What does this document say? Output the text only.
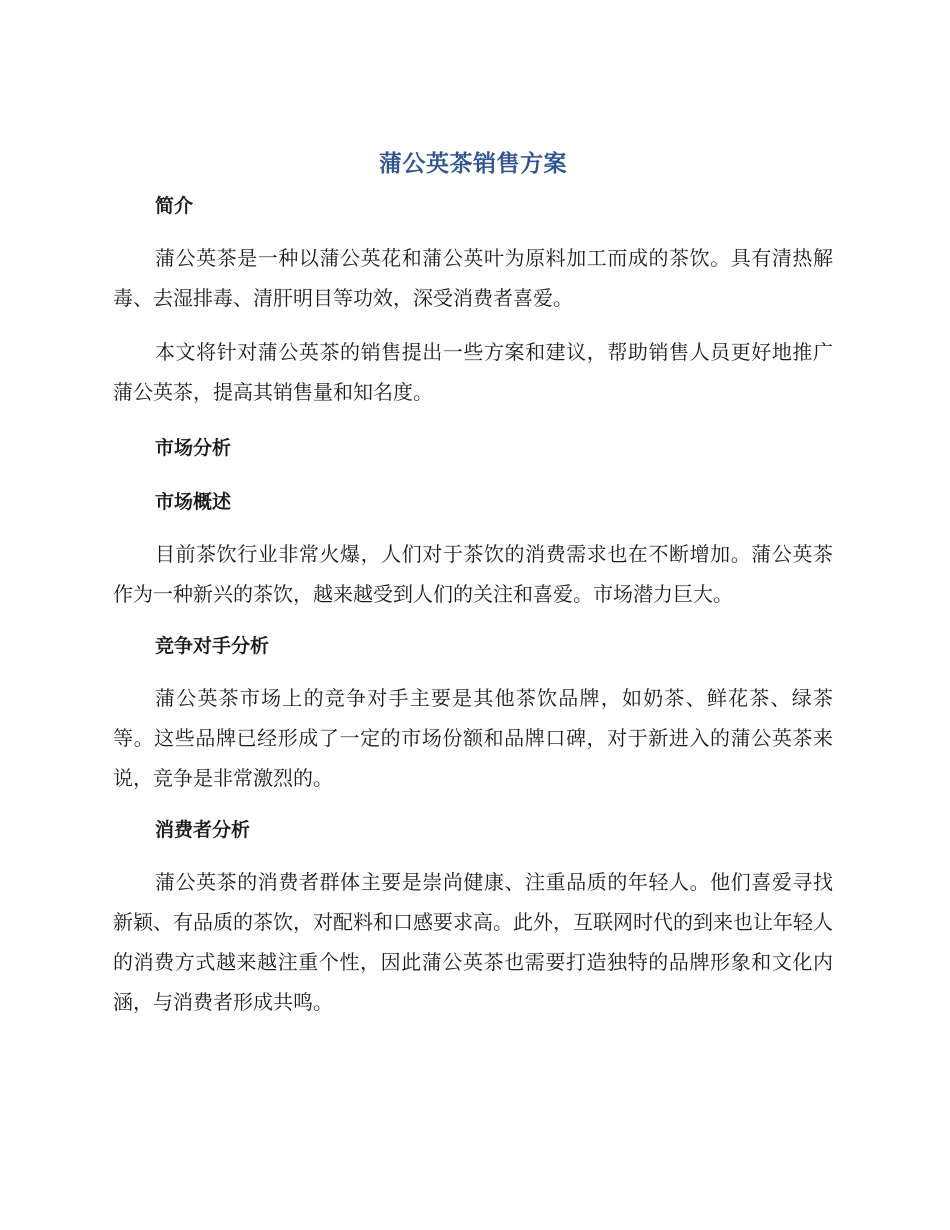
蒲公英茶销售方案
简介

蒲公英茶是一种以蒲公英花和蒲公英叶为原料加工而成的茶饮。具有清热解毒、去湿排毒、清肝明目等功效，深受消费者喜爱。

本文将针对蒲公英茶的销售提出一些方案和建议，帮助销售人员更好地推广蒲公英茶，提高其销售量和知名度。

市场分析
市场概述

目前茶饮行业非常火爆，人们对于茶饮的消费需求也在不断增加。蒲公英茶作为一种新兴的茶饮，越来越受到人们的关注和喜爱。市场潜力巨大。

竞争对手分析

蒲公英茶市场上的竞争对手主要是其他茶饮品牌，如奶茶、鲜花茶、绿茶等。这些品牌已经形成了一定的市场份额和品牌口碑，对于新进入的蒲公英茶来说，竞争是非常激烈的。

消费者分析

蒲公英茶的消费者群体主要是崇尚健康、注重品质的年轻人。他们喜爱寻找新颖、有品质的茶饮，对配料和口感要求高。此外，互联网时代的到来也让年轻人的消费方式越来越注重个性，因此蒲公英茶也需要打造独特的品牌形象和文化内涵，与消费者形成共鸣。
